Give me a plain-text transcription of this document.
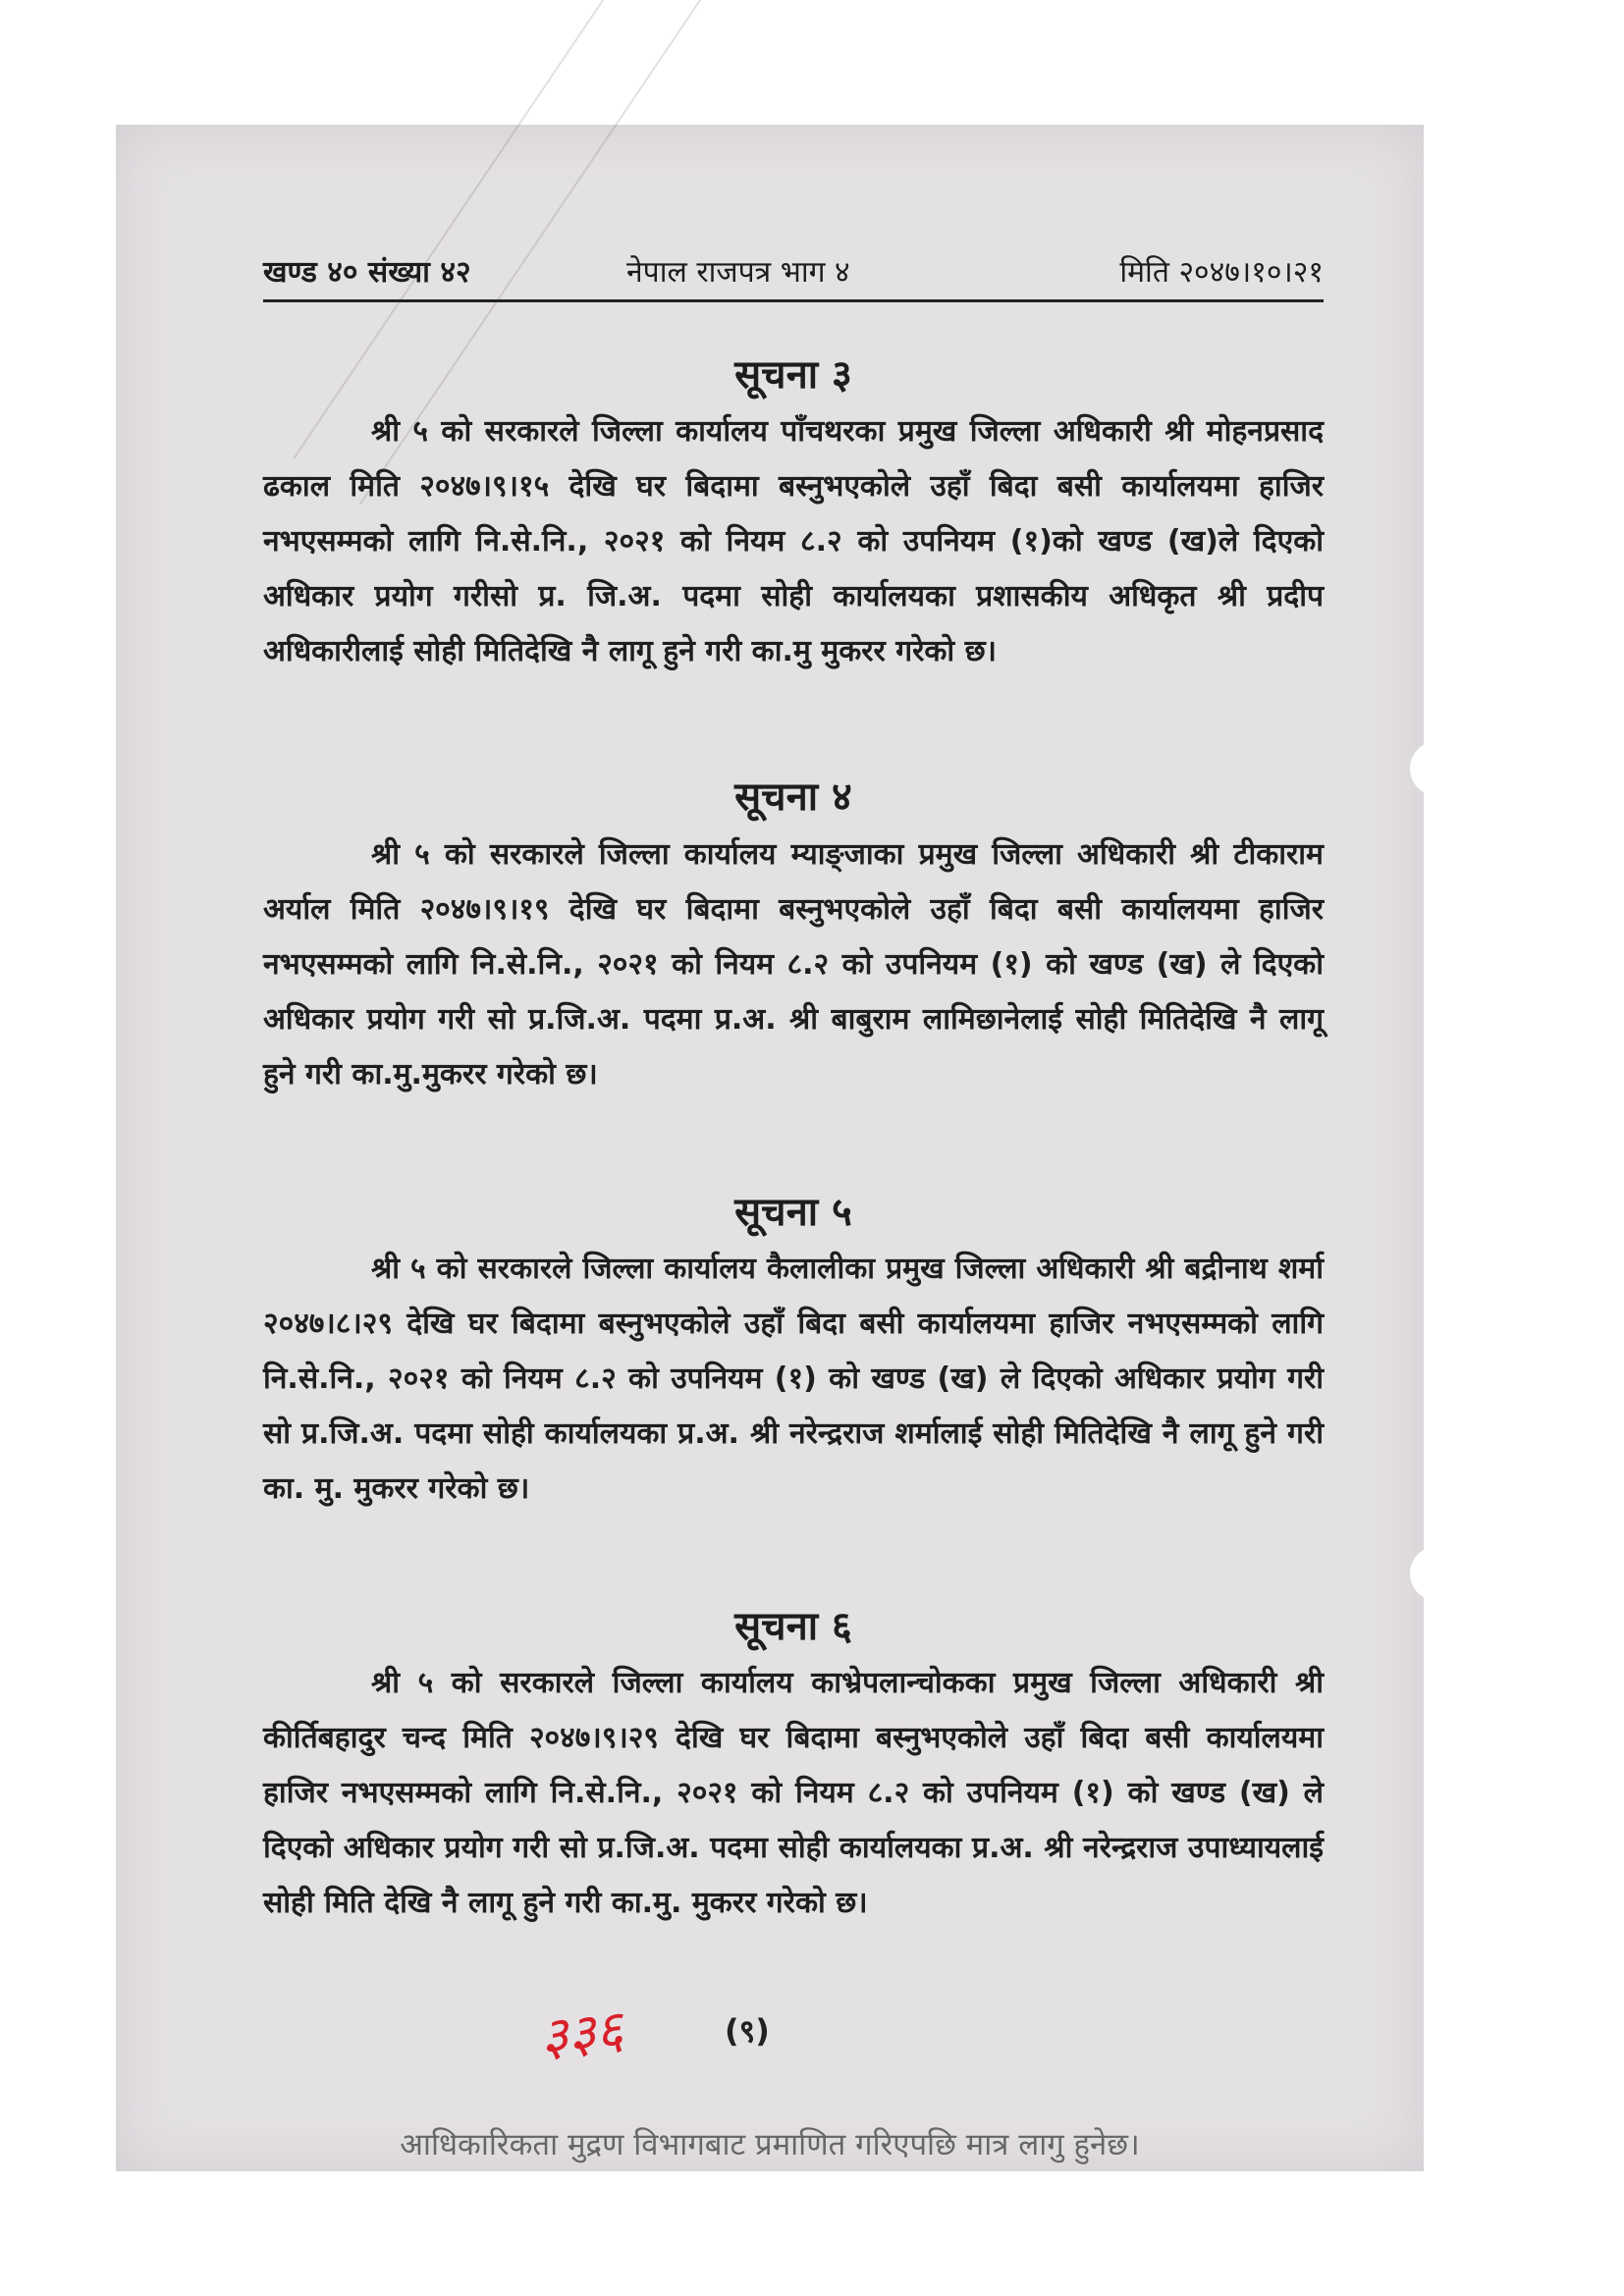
खण्ड ४० संख्या ४२	नेपाल राजपत्र भाग ४	मिति २०४७।१०।२१
सूचना ३
श्री ५ को सरकारले जिल्ला कार्यालय पाँचथरका प्रमुख जिल्ला अधिकारी श्री मोहनप्रसाद ढकाल मिति २०४७।९।१५ देखि घर बिदामा बस्नुभएकोले उहाँ बिदा बसी कार्यालयमा हाजिर नभएसम्मको लागि नि.से.नि., २०२१ को नियम ८.२ को उपनियम (१)को खण्ड (ख)ले दिएको अधिकार प्रयोग गरीसो प्र. जि.अ. पदमा सोही कार्यालयका प्रशासकीय अधिकृत श्री प्रदीप अधिकारीलाई सोही मितिदेखि नै लागू हुने गरी का.मु मुकरर गरेको छ।
सूचना ४
श्री ५ को सरकारले जिल्ला कार्यालय म्याङ्जाका प्रमुख जिल्ला अधिकारी श्री टीकाराम अर्याल मिति २०४७।९।१९ देखि घर बिदामा बस्नुभएकोले उहाँ बिदा बसी कार्यालयमा हाजिर नभएसम्मको लागि नि.से.नि., २०२१ को नियम ८.२ को उपनियम (१) को खण्ड (ख) ले दिएको अधिकार प्रयोग गरी सो प्र.जि.अ. पदमा प्र.अ. श्री बाबुराम लामिछानेलाई सोही मितिदेखि नै लागू हुने गरी का.मु.मुकरर गरेको छ।
सूचना ५
श्री ५ को सरकारले जिल्ला कार्यालय कैलालीका प्रमुख जिल्ला अधिकारी श्री बद्रीनाथ शर्मा २०४७।८।२९ देखि घर बिदामा बस्नुभएकोले उहाँ बिदा बसी कार्यालयमा हाजिर नभएसम्मको लागि नि.से.नि., २०२१ को नियम ८.२ को उपनियम (१) को खण्ड (ख) ले दिएको अधिकार प्रयोग गरी सो प्र.जि.अ. पदमा सोही कार्यालयका प्र.अ. श्री नरेन्द्रराज शर्मालाई सोही मितिदेखि नै लागू हुने गरी का. मु. मुकरर गरेको छ।
सूचना ६
श्री ५ को सरकारले जिल्ला कार्यालय काभ्रेपलान्चोकका प्रमुख जिल्ला अधिकारी श्री कीर्तिबहादुर चन्द मिति २०४७।९।२९ देखि घर बिदामा बस्नुभएकोले उहाँ बिदा बसी कार्यालयमा हाजिर नभएसम्मको लागि नि.से.नि., २०२१ को नियम ८.२ को उपनियम (१) को खण्ड (ख) ले दिएको अधिकार प्रयोग गरी सो प्र.जि.अ. पदमा सोही कार्यालयका प्र.अ. श्री नरेन्द्रराज उपाध्यायलाई सोही मिति देखि नै लागू हुने गरी का.मु. मुकरर गरेको छ।
३३६	(९)
आधिकारिकता मुद्रण विभागबाट प्रमाणित गरिएपछि मात्र लागु हुनेछ।
